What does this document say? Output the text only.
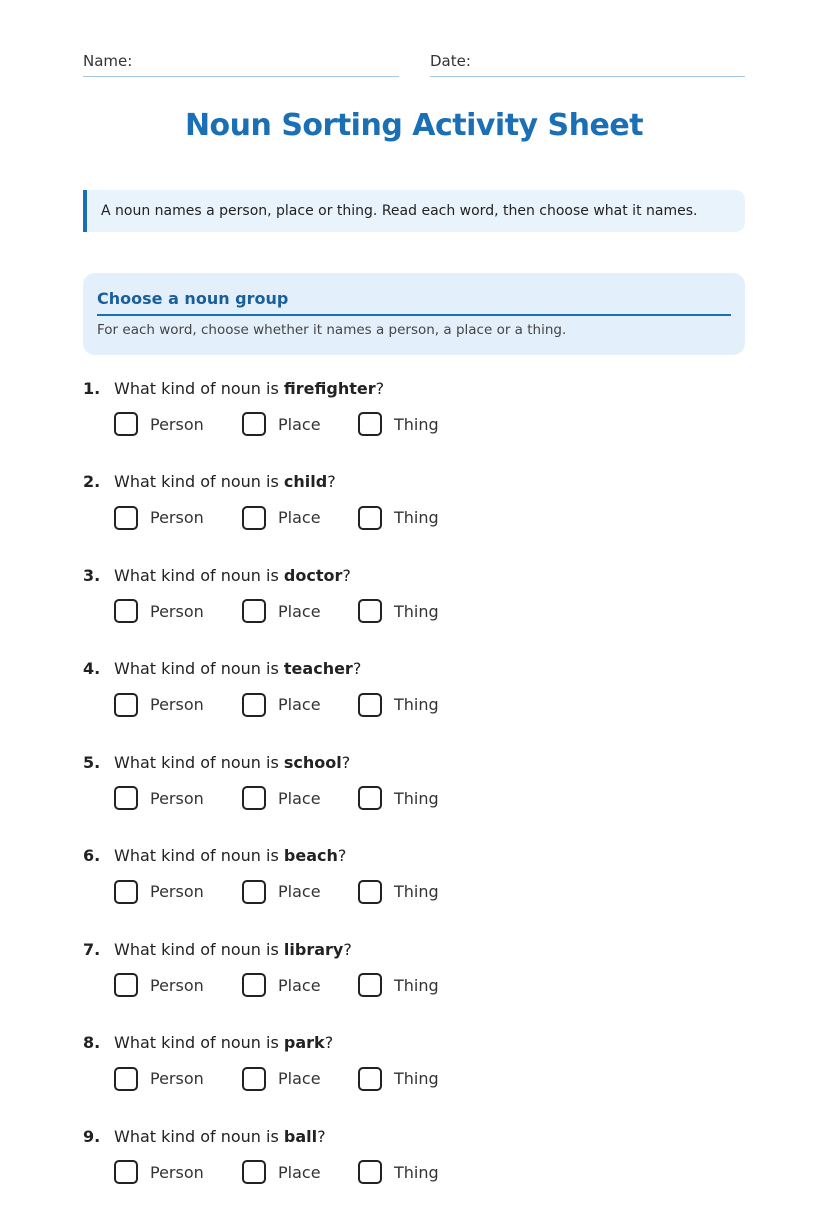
Name:	Date:
Noun Sorting Activity Sheet
A noun names a person, place or thing. Read each word, then choose what it names.
Choose a noun group
For each word, choose whether it names a person, a place or a thing.
1. What kind of noun is
firefighter ?
Person	Place	Thing
2. What kind of noun is
child ?
Person	Place	Thing
3. What kind of noun is
doctor ?
Person	Place	Thing
4. What kind of noun is
teacher ?
Person	Place	Thing
5. What kind of noun is
school ?
Person	Place	Thing
6. What kind of noun is
beach ?
Person	Place	Thing
7. What kind of noun is
library ?
Person	Place	Thing
8. What kind of noun is
park ?
Person	Place	Thing
9. What kind of noun is
ball ?
Person	Place	Thing
